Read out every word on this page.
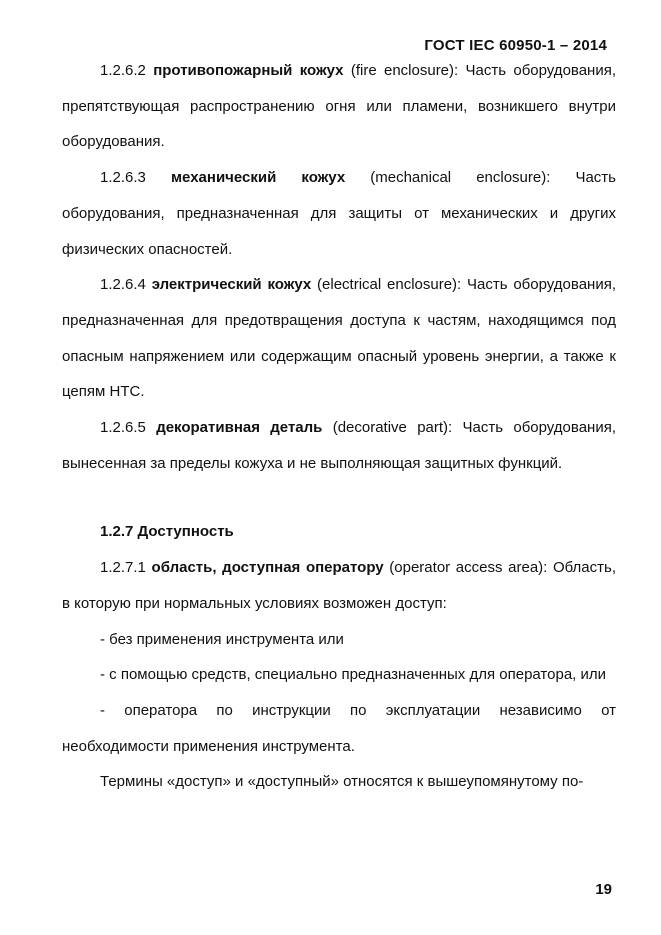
ГОСТ IEC 60950-1 – 2014

1.2.6.2 противопожарный кожух (fire enclosure): Часть оборудования, препятствующая распространению огня или пламени, возникшего внутри оборудования.

1.2.6.3 механический кожух (mechanical enclosure): Часть оборудования, предназначенная для защиты от механических и других физических опасностей.

1.2.6.4 электрический кожух (electrical enclosure): Часть оборудования, предназначенная для предотвращения доступа к частям, находящимся под опасным напряжением или содержащим опасный уровень энергии, а также к цепям НТС.

1.2.6.5 декоративная деталь (decorative part): Часть оборудования, вынесенная за пределы кожуха и не выполняющая защитных функций.

1.2.7 Доступность

1.2.7.1 область, доступная оператору (operator access area): Область, в которую при нормальных условиях возможен доступ:

- без применения инструмента или

- с помощью средств, специально предназначенных для оператора, или

- оператора по инструкции по эксплуатации независимо от необходимости применения инструмента.

Термины «доступ» и «доступный» относятся к вышеупомянутому по-

19
